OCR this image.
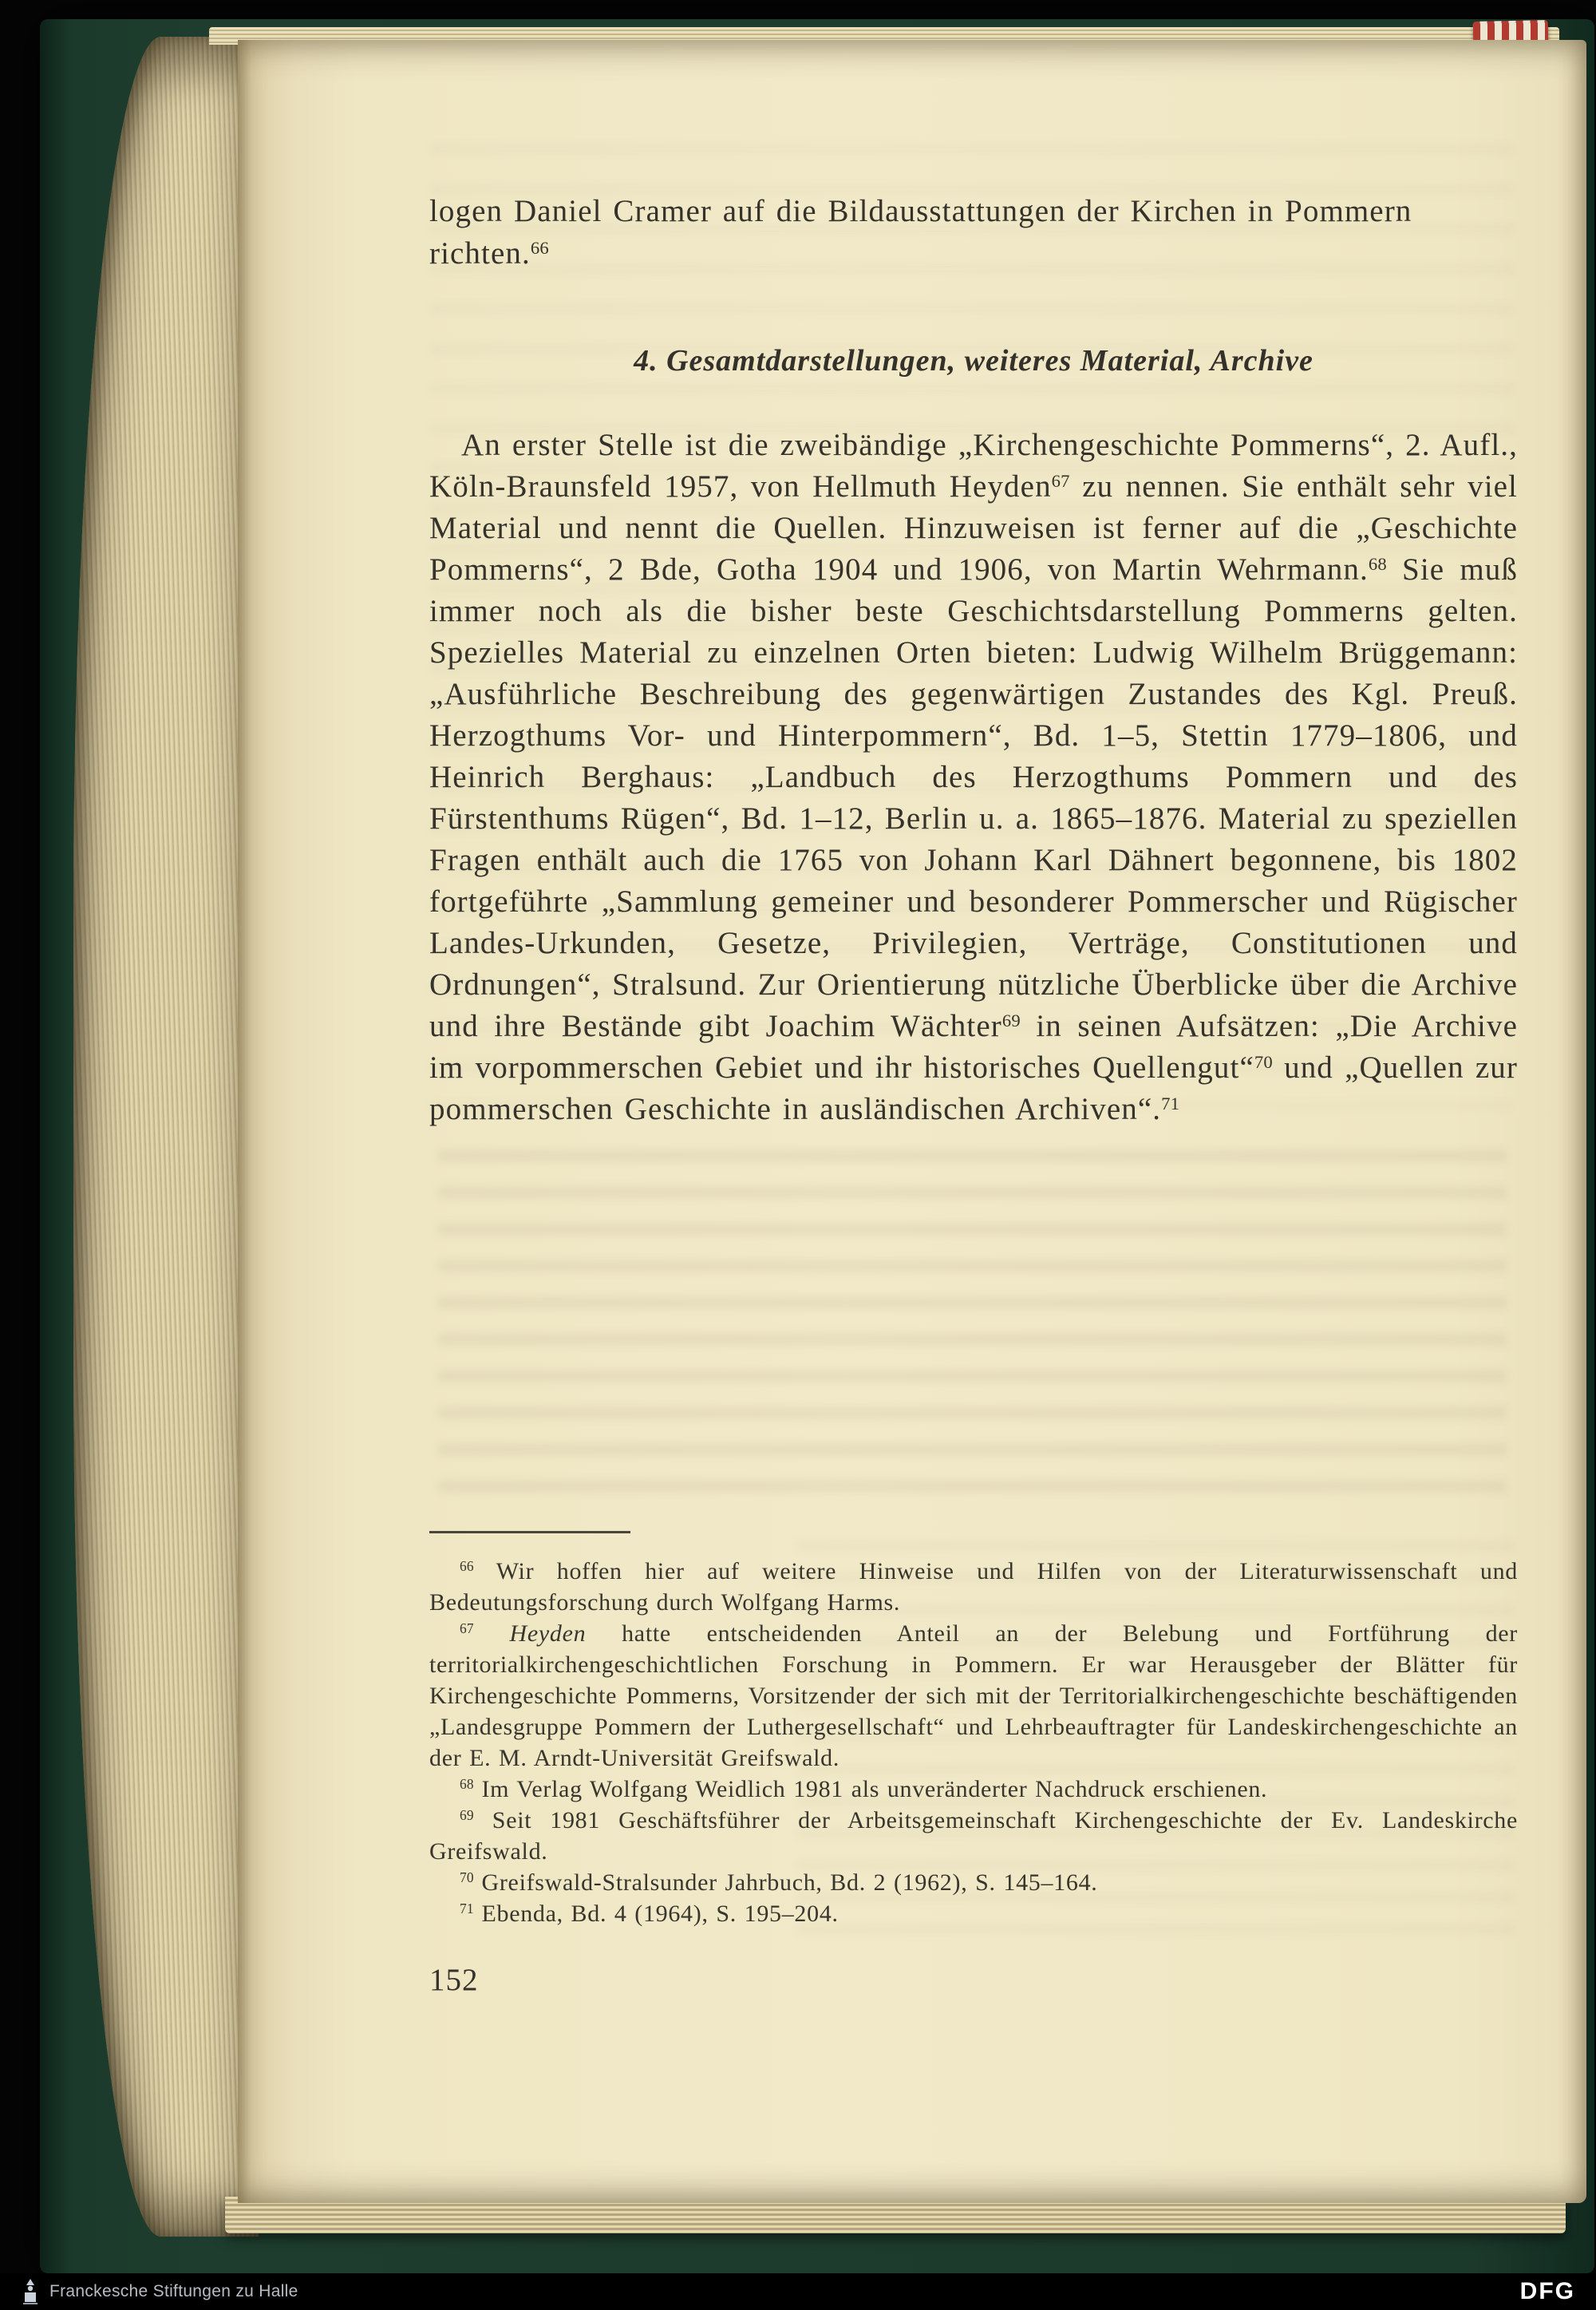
logen Daniel Cramer auf die Bildausstattungen der Kirchen in Pommern
richten.$^{66}$

4. Gesamtdarstellungen, weiteres Material, Archive

An erster Stelle ist die zweibändige „Kirchengeschichte Pommerns“, 2. Aufl., Köln-Braunsfeld 1957, von Hellmuth Heyden$^{67}$ zu nennen. Sie enthält sehr viel Material und nennt die Quellen. Hinzuweisen ist ferner auf die „Geschichte Pommerns“, 2 Bde, Gotha 1904 und 1906, von Martin Wehrmann.$^{68}$ Sie muß immer noch als die bisher beste Geschichtsdarstellung Pommerns gelten. Spezielles Material zu einzelnen Orten bieten: Ludwig Wilhelm Brüggemann: „Ausführliche Beschreibung des gegenwärtigen Zustandes des Kgl. Preuß. Herzogthums Vor- und Hinterpommern“, Bd. 1–5, Stettin 1779–1806, und Heinrich Berghaus: „Landbuch des Herzogthums Pommern und des Fürstenthums Rügen“, Bd. 1–12, Berlin u. a. 1865–1876. Material zu speziellen Fragen enthält auch die 1765 von Johann Karl Dähnert begonnene, bis 1802 fortgeführte „Sammlung gemeiner und besonderer Pommerscher und Rügischer Landes-Urkunden, Gesetze, Privilegien, Verträge, Constitutionen und Ordnungen“, Stralsund. Zur Orientierung nützliche Überblicke über die Archive und ihre Bestände gibt Joachim Wächter$^{69}$ in seinen Aufsätzen: „Die Archive im vorpommerschen Gebiet und ihr historisches Quellengut“$^{70}$ und „Quellen zur pommerschen Geschichte in ausländischen Archiven“.$^{71}$

$^{66}$ Wir hoffen hier auf weitere Hinweise und Hilfen von der Literaturwissenschaft und Bedeutungsforschung durch Wolfgang Harms.

$^{67}$ Heyden hatte entscheidenden Anteil an der Belebung und Fortführung der territorialkirchengeschichtlichen Forschung in Pommern. Er war Herausgeber der Blätter für Kirchengeschichte Pommerns, Vorsitzender der sich mit der Territorialkirchengeschichte beschäftigenden „Landesgruppe Pommern der Luthergesellschaft“ und Lehrbeauftragter für Landeskirchengeschichte an der E. M. Arndt-Universität Greifswald.

$^{68}$ Im Verlag Wolfgang Weidlich 1981 als unveränderter Nachdruck erschienen.

$^{69}$ Seit 1981 Geschäftsführer der Arbeitsgemeinschaft Kirchengeschichte der Ev. Landeskirche Greifswald.

$^{70}$ Greifswald-Stralsunder Jahrbuch, Bd. 2 (1962), S. 145–164.

$^{71}$ Ebenda, Bd. 4 (1964), S. 195–204.

152
Franckesche Stiftungen zu Halle	DFG
